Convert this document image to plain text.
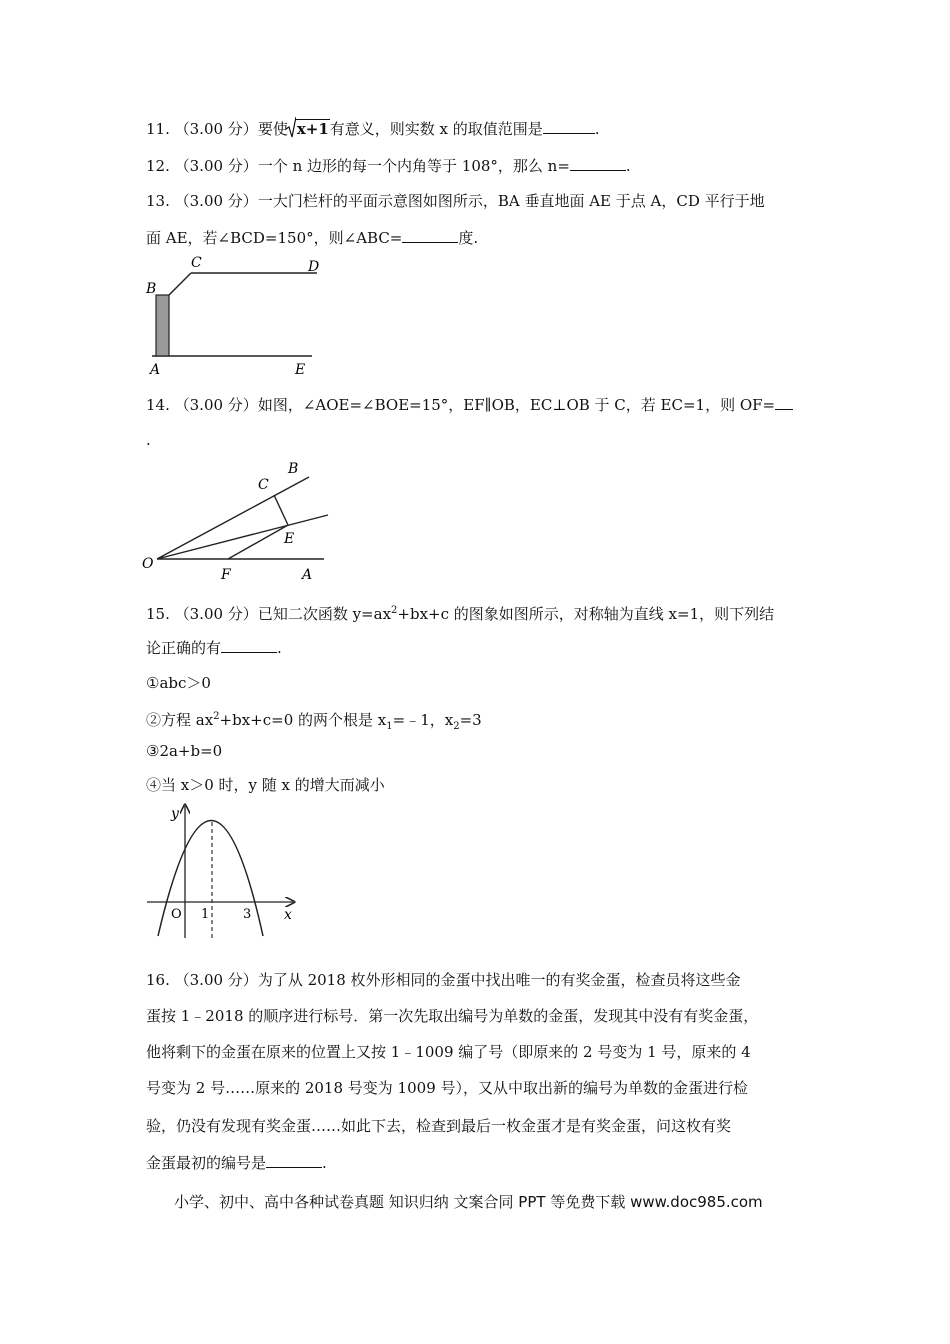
11. （3.00 分）要使 x+1有意义，则实数 x 的取值范围是	.
12. （3.00 分）一个 n 边形的每一个内角等于 108°，那么 n=	.
13. （3.00 分）一大门栏杆的平面示意图如图所示，BA 垂直地面 AE 于点 A，CD 平行于地
面 AE，若∠BCD=150°，则∠ABC=	度.
B
C	D
A	E
14. （3.00 分）如图，∠AOE=∠BOE=15°，EF∥OB，EC⊥OB 于 C，若 EC=1，则 OF=
.
O
B
C
E
F	A
15. （3.00 分）已知二次函数 $y=ax^2+bx+c$ 的图象如图所示，对称轴为直线 x=1，则下列结
论正确的有	.
①abc＞0
②方程 $ax^2+bx+c=0$ 的两个根是 $x_1=﹣1$，$x_2=3$
③2a+b=0
④当 x＞0 时，y 随 x 的增大而减小
y
x
O 1	3
16. （3.00 分）为了从 2018 枚外形相同的金蛋中找出唯一的有奖金蛋，检查员将这些金
蛋按 1﹣2018 的顺序进行标号．第一次先取出编号为单数的金蛋，发现其中没有有奖金蛋，
他将剩下的金蛋在原来的位置上又按 1﹣1009 编了号（即原来的 2 号变为 1 号，原来的 4
号变为 2 号……原来的 2018 号变为 1009 号），又从中取出新的编号为单数的金蛋进行检
验，仍没有发现有奖金蛋……如此下去，检查到最后一枚金蛋才是有奖金蛋，问这枚有奖
金蛋最初的编号是	.
小学、初中、高中各种试卷真题 知识归纳 文案合同 PPT 等免费下载 www.doc985.com
